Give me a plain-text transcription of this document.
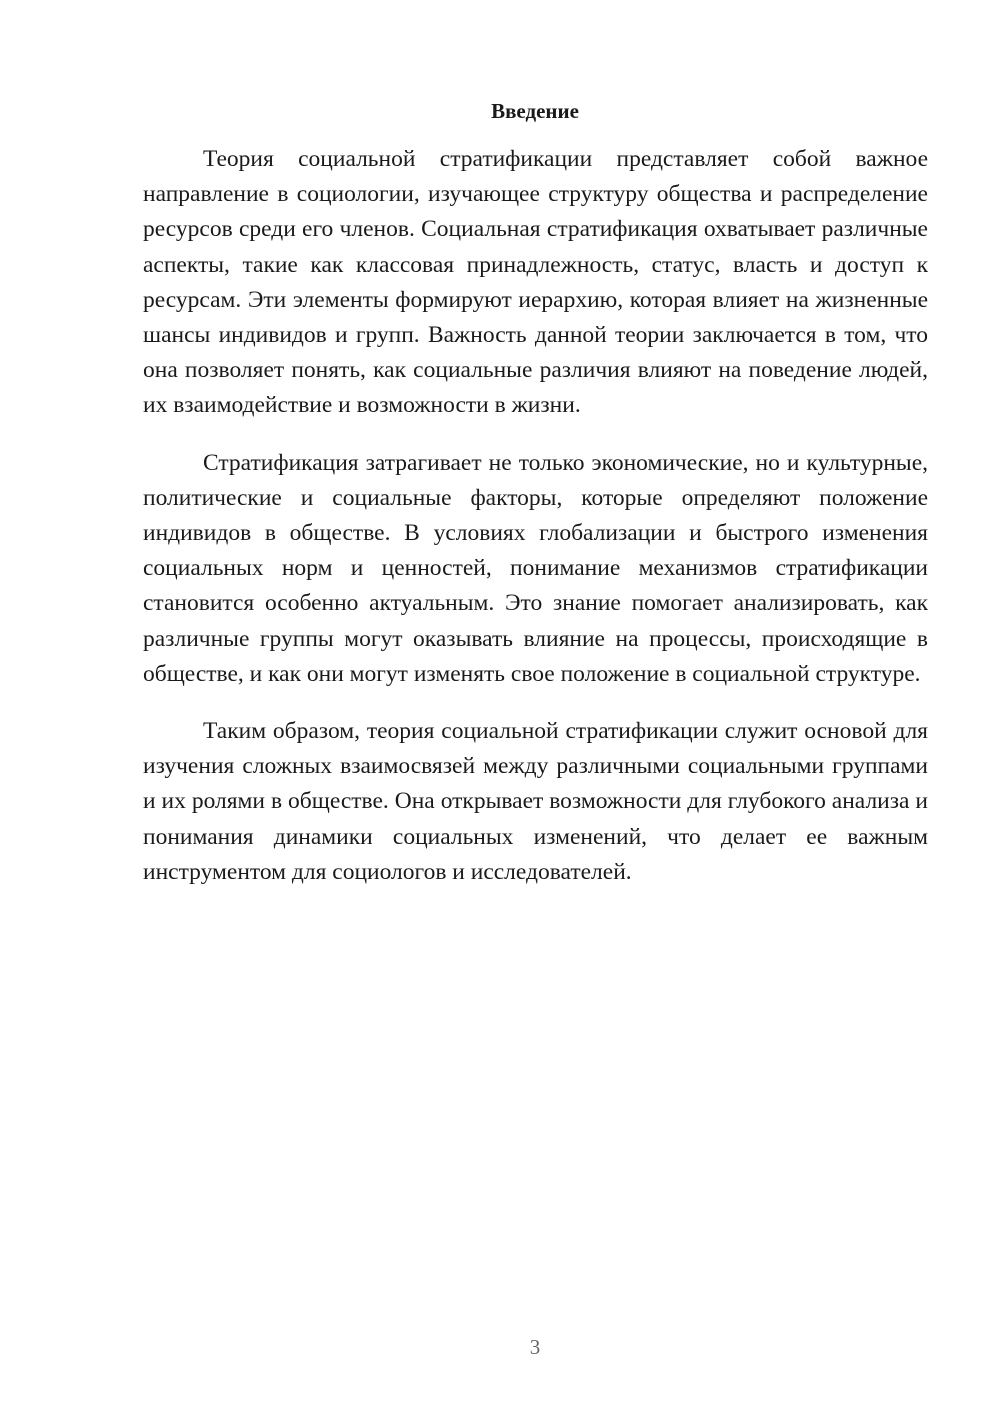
Введение

Теория социальной стратификации представляет собой важное направление в социологии, изучающее структуру общества и распределение ресурсов среди его членов. Социальная стратификация охватывает различные аспекты, такие как классовая принадлежность, статус, власть и доступ к ресурсам. Эти элементы формируют иерархию, которая влияет на жизненные шансы индивидов и групп. Важность данной теории заключается в том, что она позволяет понять, как социальные различия влияют на поведение людей, их взаимодействие и возможности в жизни.

Стратификация затрагивает не только экономические, но и культурные, политические и социальные факторы, которые определяют положение индивидов в обществе. В условиях глобализации и быстрого изменения социальных норм и ценностей, понимание механизмов стратификации становится особенно актуальным. Это знание помогает анализировать, как различные группы могут оказывать влияние на процессы, происходящие в обществе, и как они могут изменять свое положение в социальной структуре.

Таким образом, теория социальной стратификации служит основой для изучения сложных взаимосвязей между различными социальными группами и их ролями в обществе. Она открывает возможности для глубокого анализа и понимания динамики социальных изменений, что делает ее важным инструментом для социологов и исследователей.

3
